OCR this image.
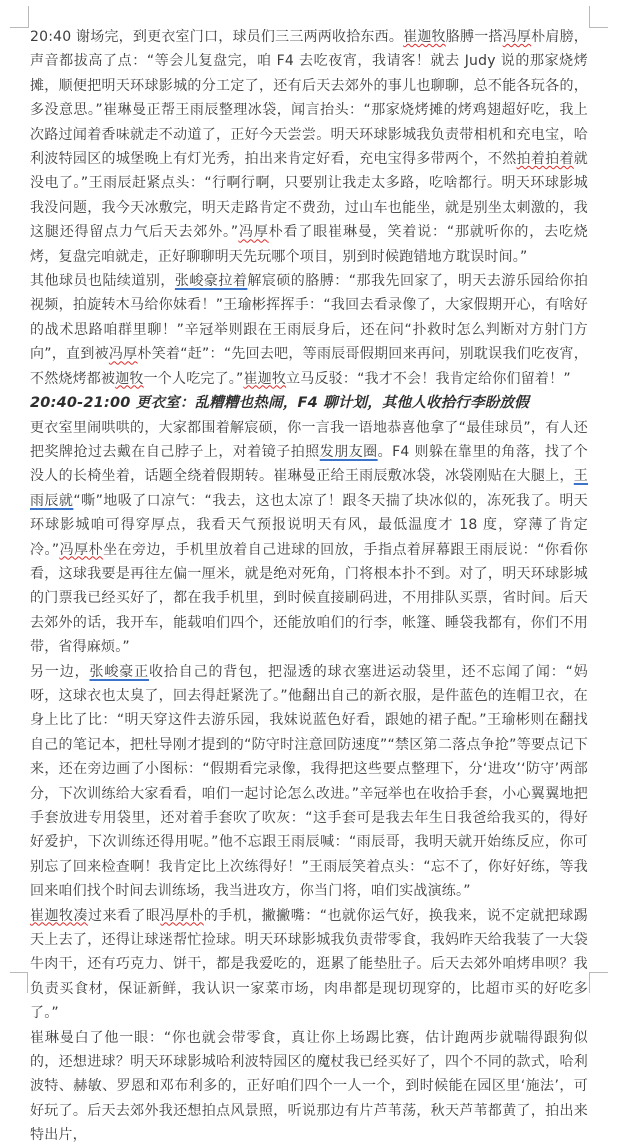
20:40 谢场完，到更衣室门口，球员们三三两两收拾东西。崔迦牧胳膊一搭冯厚朴肩膀，声音都拔高了点：“等会儿复盘完，咱 F4 去吃夜宵，我请客！就去 Judy 说的那家烧烤摊，顺便把明天环球影城的分工定了，还有后天去郊外的事儿也聊聊，总不能各玩各的，多没意思。”崔琳曼正帮王雨辰整理冰袋，闻言抬头：“那家烧烤摊的烤鸡翅超好吃，我上次路过闻着香味就走不动道了，正好今天尝尝。明天环球影城我负责带相机和充电宝，哈利波特园区的城堡晚上有灯光秀，拍出来肯定好看，充电宝得多带两个，不然拍着拍着就没电了。”王雨辰赶紧点头：“行啊行啊，只要别让我走太多路，吃啥都行。明天环球影城我没问题，我今天冰敷完，明天走路肯定不费劲，过山车也能坐，就是别坐太刺激的，我这腿还得留点力气后天去郊外。”冯厚朴看了眼崔琳曼，笑着说：“那就听你的，去吃烧烤，复盘完咱就走，正好聊聊明天先玩哪个项目，别到时候跑错地方耽误时间。”

其他球员也陆续道别，张峻豪拉着解宸硕的胳膊：“那我先回家了，明天去游乐园给你拍视频，拍旋转木马给你妹看！”王瑜彬挥挥手：“我回去看录像了，大家假期开心，有啥好的战术思路咱群里聊！”辛冠举则跟在王雨辰身后，还在问“扑救时怎么判断对方射门方向”，直到被冯厚朴笑着“赶”：“先回去吧，等雨辰哥假期回来再问，别耽误我们吃夜宵，不然烧烤都被迦牧一个人吃完了。”崔迦牧立马反驳：“我才不会！我肯定给你们留着！”

20:40-21:00 更衣室：乱糟糟也热闹，F4 聊计划，其他人收拾行李盼放假

更衣室里闹哄哄的，大家都围着解宸硕，你一言我一语地恭喜他拿了“最佳球员”，有人还把奖牌抢过去戴在自己脖子上，对着镜子拍照发朋友圈。F4 则躲在靠里的角落，找了个没人的长椅坐着，话题全绕着假期转。崔琳曼正给王雨辰敷冰袋，冰袋刚贴在大腿上，王雨辰就“嘶”地吸了口凉气：“我去，这也太凉了！跟冬天揣了块冰似的，冻死我了。明天环球影城咱可得穿厚点，我看天气预报说明天有风，最低温度才 18 度，穿薄了肯定冷。”冯厚朴坐在旁边，手机里放着自己进球的回放，手指点着屏幕跟王雨辰说：“你看你看，这球我要是再往左偏一厘米，就是绝对死角，门将根本扑不到。对了，明天环球影城的门票我已经买好了，都在我手机里，到时候直接刷码进，不用排队买票，省时间。后天去郊外的话，我开车，能载咱们四个，还能放咱们的行李，帐篷、睡袋我都有，你们不用带，省得麻烦。”

另一边，张峻豪正收拾自己的背包，把湿透的球衣塞进运动袋里，还不忘闻了闻：“妈呀，这球衣也太臭了，回去得赶紧洗了。”他翻出自己的新衣服，是件蓝色的连帽卫衣，在身上比了比：“明天穿这件去游乐园，我妹说蓝色好看，跟她的裙子配。”王瑜彬则在翻找自己的笔记本，把杜导刚才提到的“防守时注意回防速度”“禁区第二落点争抢”等要点记下来，还在旁边画了小图标：“假期看完录像，我得把这些要点整理下，分‘进攻’‘防守’两部分，下次训练给大家看看，咱们一起讨论怎么改进。”辛冠举也在收拾手套，小心翼翼地把手套放进专用袋里，还对着手套吹了吹灰：“这手套可是我去年生日我爸给我买的，得好好爱护，下次训练还得用呢。”他不忘跟王雨辰喊：“雨辰哥，我明天就开始练反应，你可别忘了回来检查啊！我肯定比上次练得好！”王雨辰笑着点头：“忘不了，你好好练，等我回来咱们找个时间去训练场，我当进攻方，你当门将，咱们实战演练。”

崔迦牧凑过来看了眼冯厚朴的手机，撇撇嘴：“也就你运气好，换我来，说不定就把球踢天上去了，还得让球迷帮忙捡球。明天环球影城我负责带零食，我妈昨天给我装了一大袋牛肉干，还有巧克力、饼干，都是我爱吃的，逛累了能垫肚子。后天去郊外咱烤串呗？我负责买食材，保证新鲜，我认识一家菜市场，肉串都是现切现穿的，比超市买的好吃多了。”

崔琳曼白了他一眼：“你也就会带零食，真让你上场踢比赛，估计跑两步就喘得跟狗似的，还想进球？明天环球影城哈利波特园区的魔杖我已经买好了，四个不同的款式，哈利波特、赫敏、罗恩和邓布利多的，正好咱们四个一人一个，到时候能在园区里‘施法’，可好玩了。后天去郊外我还想拍点风景照，听说那边有片芦苇荡，秋天芦苇都黄了，拍出来特出片，
